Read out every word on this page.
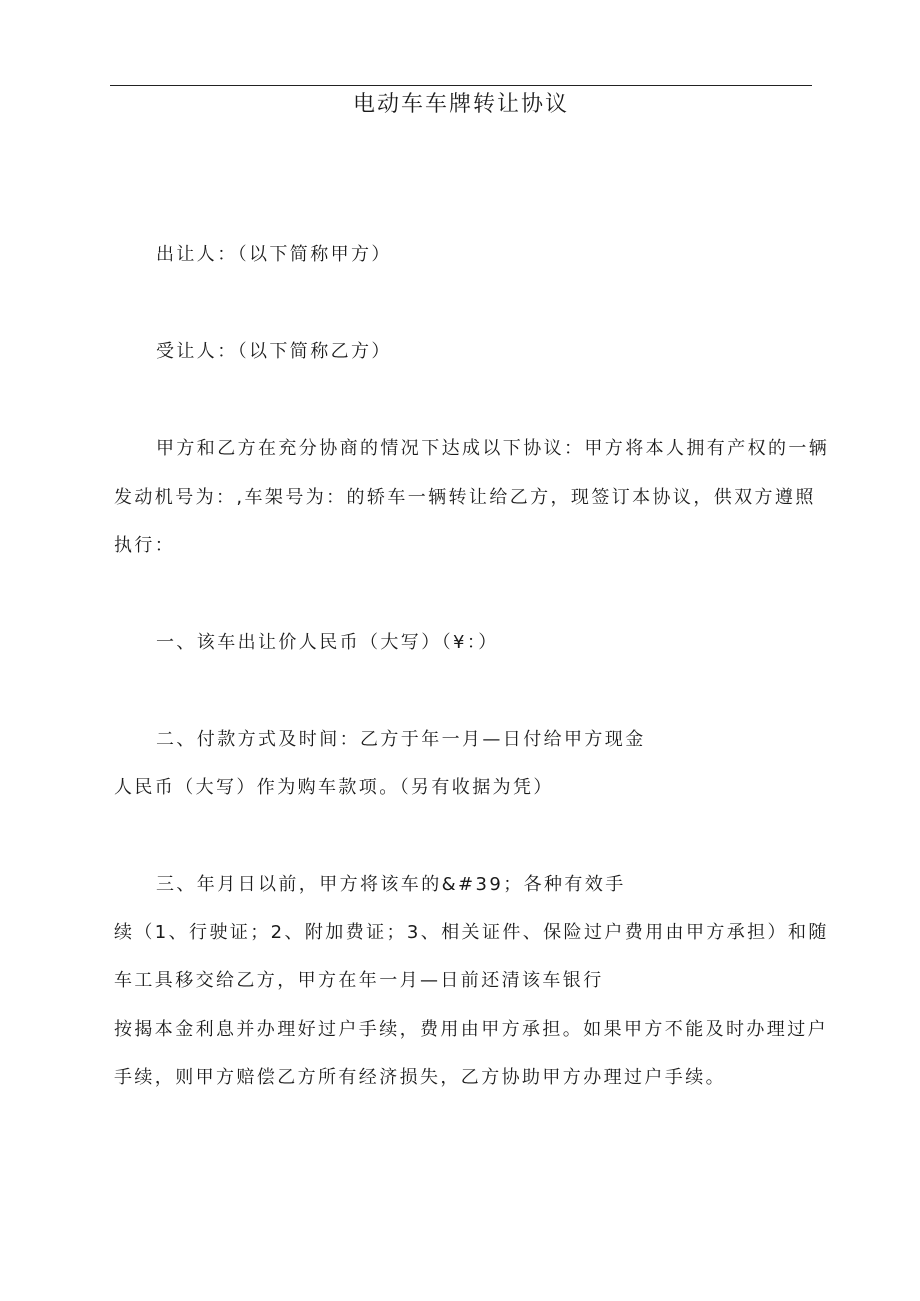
电动车车牌转让协议
出让人：（以下简称甲方）
受让人：（以下简称乙方）
甲方和乙方在充分协商的情况下达成以下协议：甲方将本人拥有产权的一辆
发动机号为：,车架号为：的轿车一辆转让给乙方，现签订本协议，供双方遵照
执行：
一、该车出让价人民币（大写）（¥：）
二、付款方式及时间：乙方于年一月—日付给甲方现金
人民币（大写）作为购车款项。（另有收据为凭）
三、年月日以前，甲方将该车的&#39；各种有效手
续（1、行驶证；2、附加费证；3、相关证件、保险过户费用由甲方承担）和随
车工具移交给乙方，甲方在年一月—日前还清该车银行
按揭本金利息并办理好过户手续，费用由甲方承担。如果甲方不能及时办理过户
手续，则甲方赔偿乙方所有经济损失，乙方协助甲方办理过户手续。
